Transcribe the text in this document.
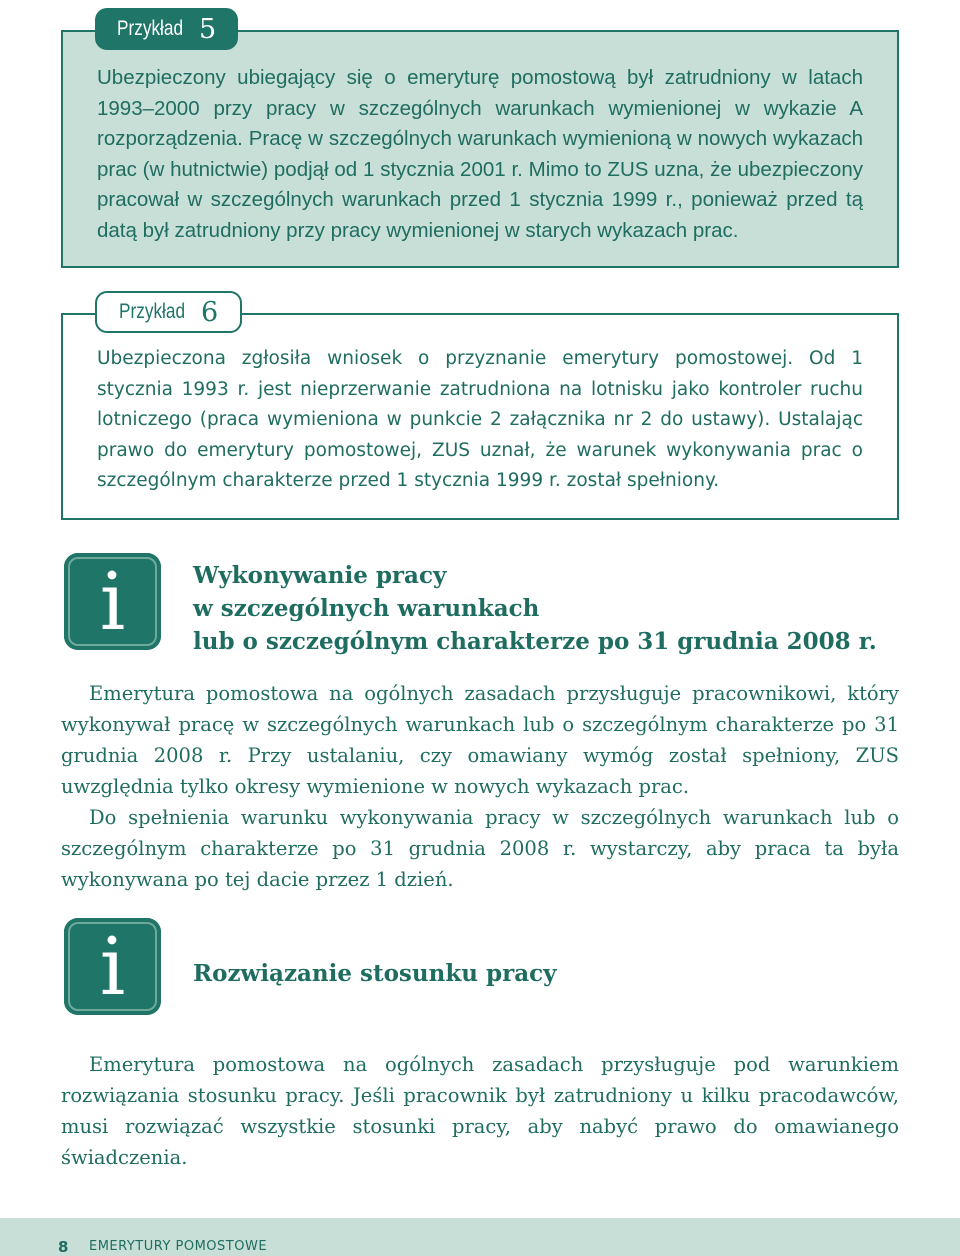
Przykład 5

Ubezpieczony ubiegający się o emeryturę pomostową był zatrudniony w latach 1993–2000 przy pracy w szczególnych warunkach wymienionej w wykazie A rozporządzenia. Pracę w szczególnych warunkach wymienioną w nowych wykazach prac (w hutnictwie) podjął od 1 stycznia 2001 r. Mimo to ZUS uzna, że ubezpieczony pracował w szczególnych warunkach przed 1 stycznia 1999 r., ponieważ przed tą datą był zatrudniony przy pracy wymienionej w starych wykazach prac.

Przykład 6

Ubezpieczona zgłosiła wniosek o przyznanie emerytury pomostowej. Od 1 stycznia 1993 r. jest nieprzerwanie zatrudniona na lotnisku jako kontroler ruchu lotniczego (praca wymieniona w punkcie 2 załącznika nr 2 do ustawy). Ustalając prawo do emerytury pomostowej, ZUS uznał, że warunek wykonywania prac o szczególnym charakterze przed 1 stycznia 1999 r. został spełniony.

i	Wykonywanie pracy
w szczególnych warunkach
lub o szczególnym charakterze po 31 grudnia 2008 r.

Emerytura pomostowa na ogólnych zasadach przysługuje pracownikowi, który wykonywał pracę w szczególnych warunkach lub o szczególnym charakterze po 31 grudnia 2008 r. Przy ustalaniu, czy omawiany wymóg został spełniony, ZUS uwzględnia tylko okresy wymienione w nowych wykazach prac.

Do spełnienia warunku wykonywania pracy w szczególnych warunkach lub o szczególnym charakterze po 31 grudnia 2008 r. wystarczy, aby praca ta była wykonywana po tej dacie przez 1 dzień.

i	Rozwiązanie stosunku pracy

Emerytura pomostowa na ogólnych zasadach przysługuje pod warunkiem rozwiązania stosunku pracy. Jeśli pracownik był zatrudniony u kilku pracodawców, musi rozwiązać wszystkie stosunki pracy, aby nabyć prawo do omawianego świadczenia.

8 EMERYTURY POMOSTOWE
